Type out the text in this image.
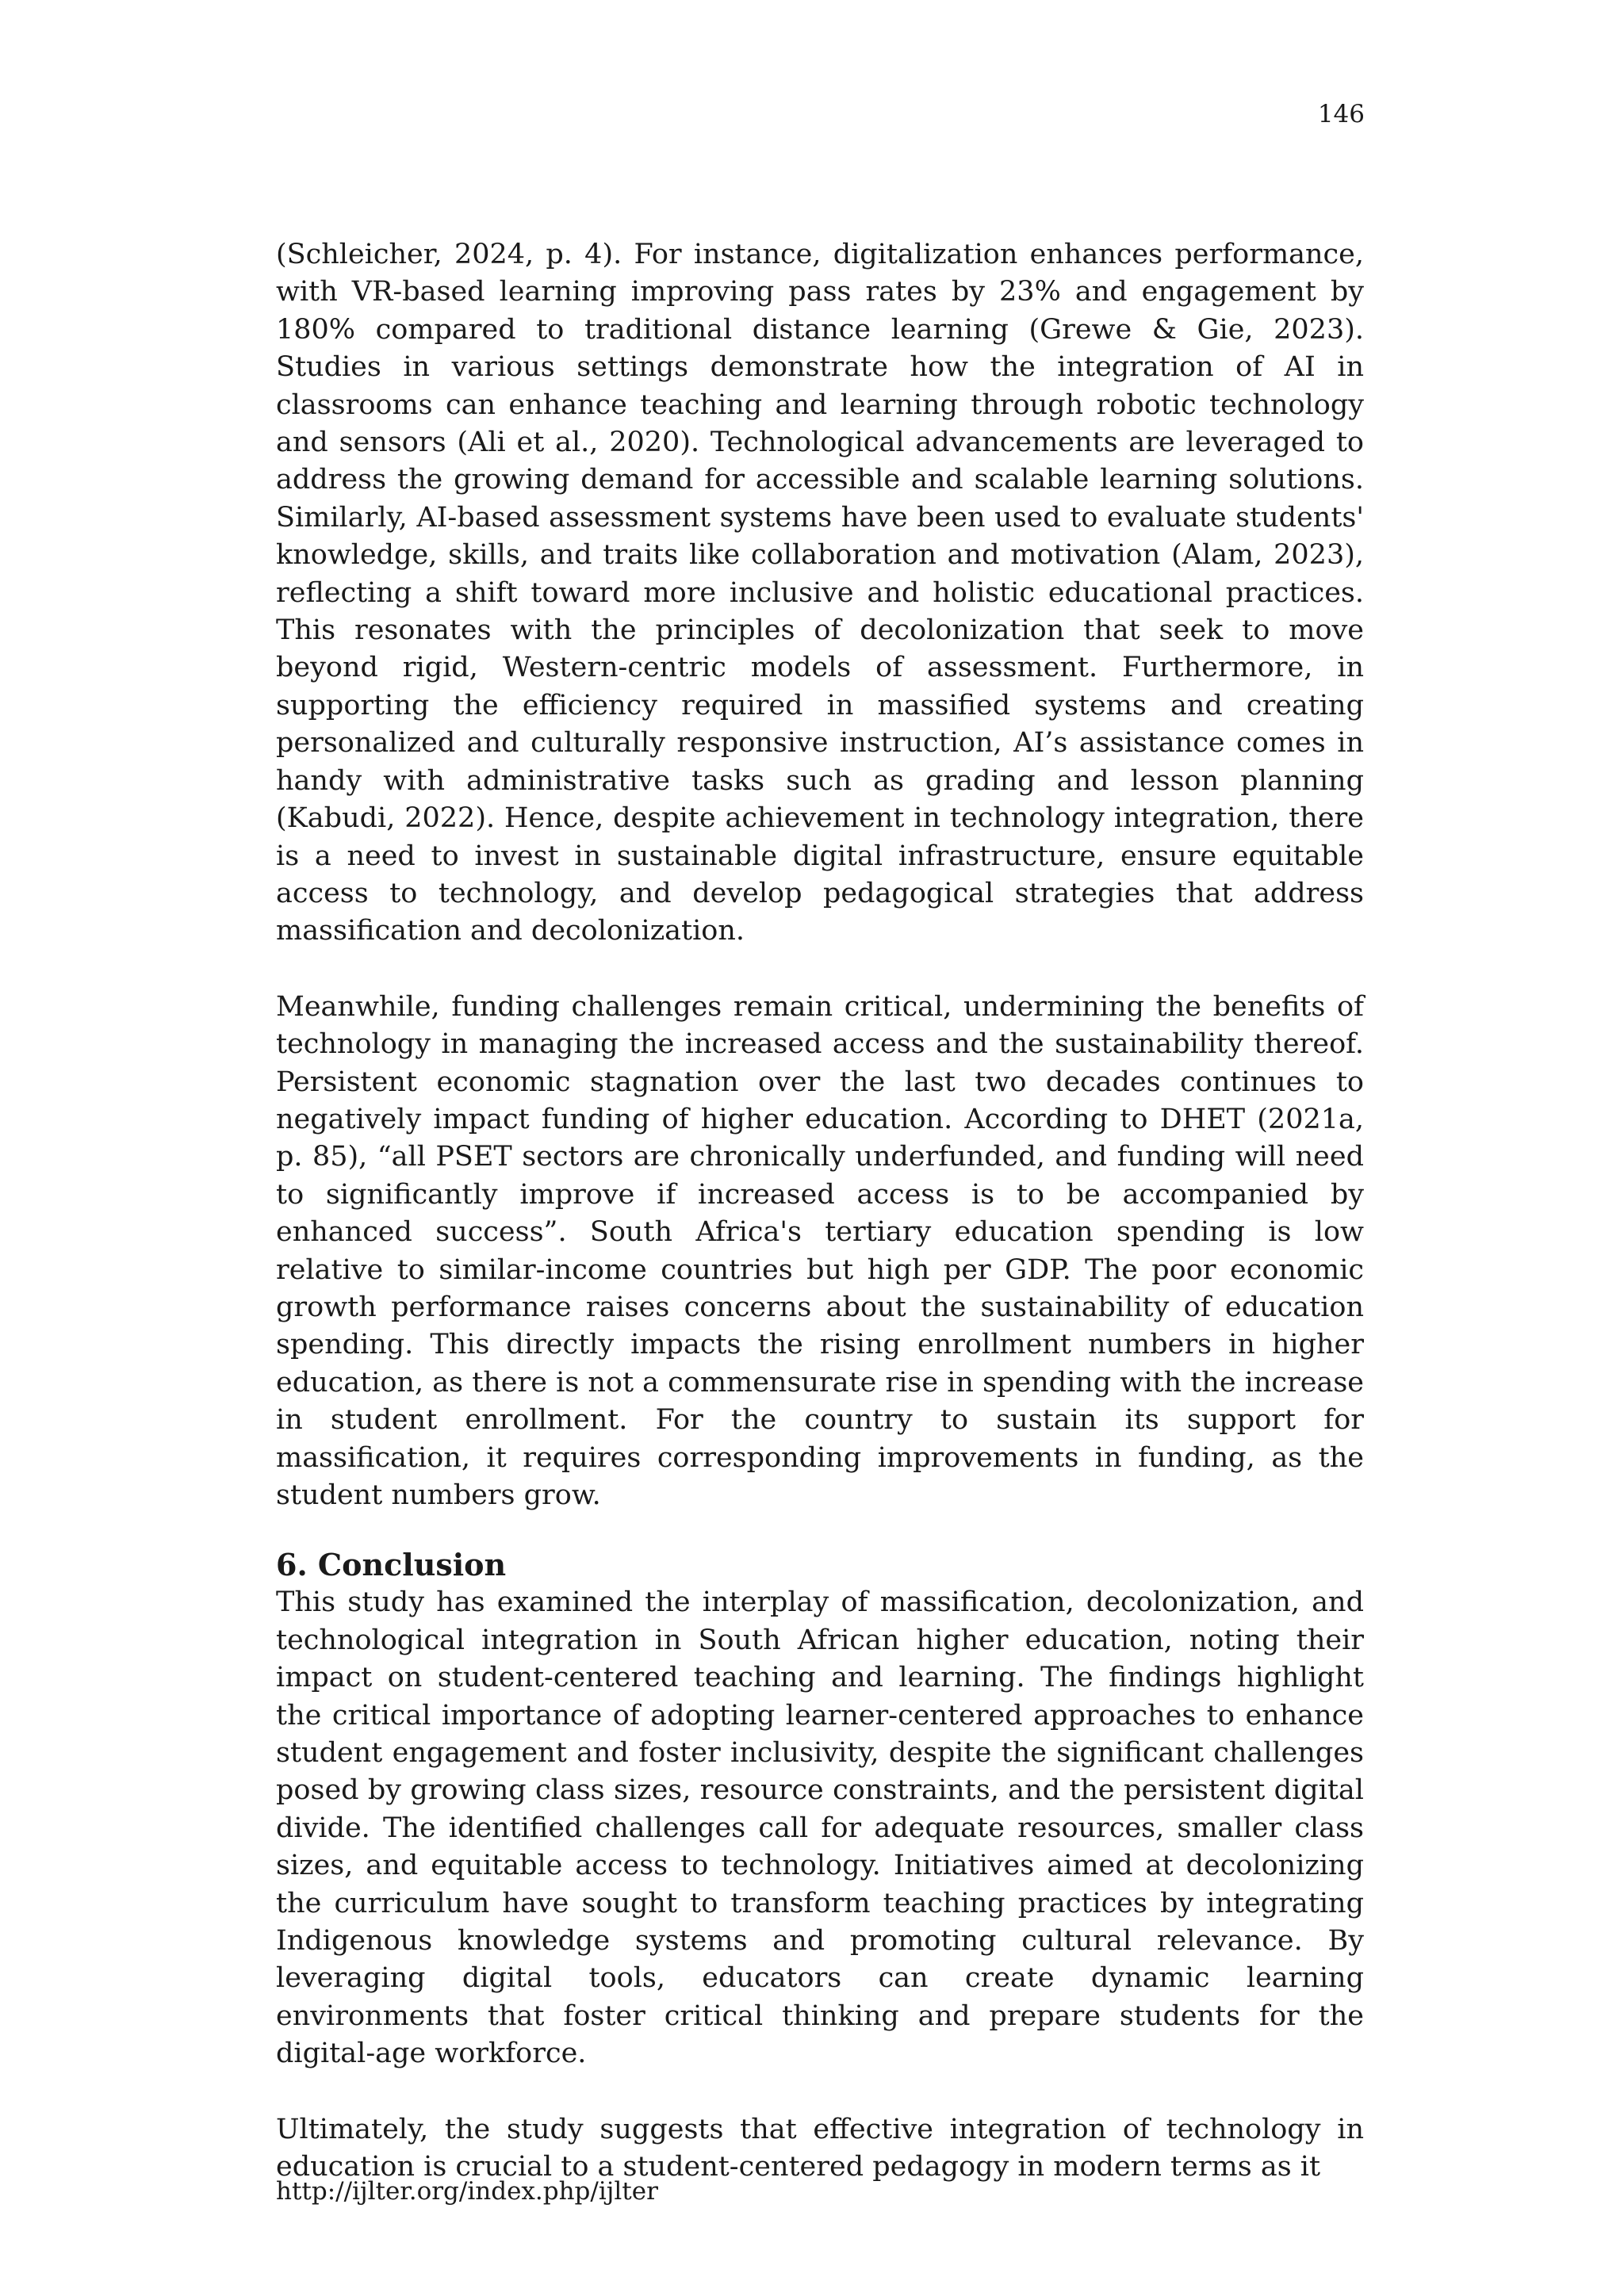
146

(Schleicher, 2024, p. 4). For instance, digitalization enhances performance, with VR-based learning improving pass rates by 23% and engagement by 180% compared to traditional distance learning (Grewe & Gie, 2023). Studies in various settings demonstrate how the integration of AI in classrooms can enhance teaching and learning through robotic technology and sensors (Ali et al., 2020). Technological advancements are leveraged to address the growing demand for accessible and scalable learning solutions. Similarly, AI-based assessment systems have been used to evaluate students' knowledge, skills, and traits like collaboration and motivation (Alam, 2023), reflecting a shift toward more inclusive and holistic educational practices. This resonates with the principles of decolonization that seek to move beyond rigid, Western-centric models of assessment. Furthermore, in supporting the efficiency required in massified systems and creating personalized and culturally responsive instruction, AI’s assistance comes in handy with administrative tasks such as grading and lesson planning (Kabudi, 2022). Hence, despite achievement in technology integration, there is a need to invest in sustainable digital infrastructure, ensure equitable access to technology, and develop pedagogical strategies that address massification and decolonization.

Meanwhile, funding challenges remain critical, undermining the benefits of technology in managing the increased access and the sustainability thereof. Persistent economic stagnation over the last two decades continues to negatively impact funding of higher education. According to DHET (2021a, p. 85), “all PSET sectors are chronically underfunded, and funding will need to significantly improve if increased access is to be accompanied by enhanced success”. South Africa's tertiary education spending is low relative to similar-income countries but high per GDP. The poor economic growth performance raises concerns about the sustainability of education spending. This directly impacts the rising enrollment numbers in higher education, as there is not a commensurate rise in spending with the increase in student enrollment. For the country to sustain its support for massification, it requires corresponding improvements in funding, as the student numbers grow.

6. Conclusion

This study has examined the interplay of massification, decolonization, and technological integration in South African higher education, noting their impact on student-centered teaching and learning. The findings highlight the critical importance of adopting learner-centered approaches to enhance student engagement and foster inclusivity, despite the significant challenges posed by growing class sizes, resource constraints, and the persistent digital divide. The identified challenges call for adequate resources, smaller class sizes, and equitable access to technology. Initiatives aimed at decolonizing the curriculum have sought to transform teaching practices by integrating Indigenous knowledge systems and promoting cultural relevance. By leveraging digital tools, educators can create dynamic learning environments that foster critical thinking and prepare students for the digital-age workforce.

Ultimately, the study suggests that effective integration of technology in education is crucial to a student-centered pedagogy in modern terms as it

http://ijlter.org/index.php/ijlter
